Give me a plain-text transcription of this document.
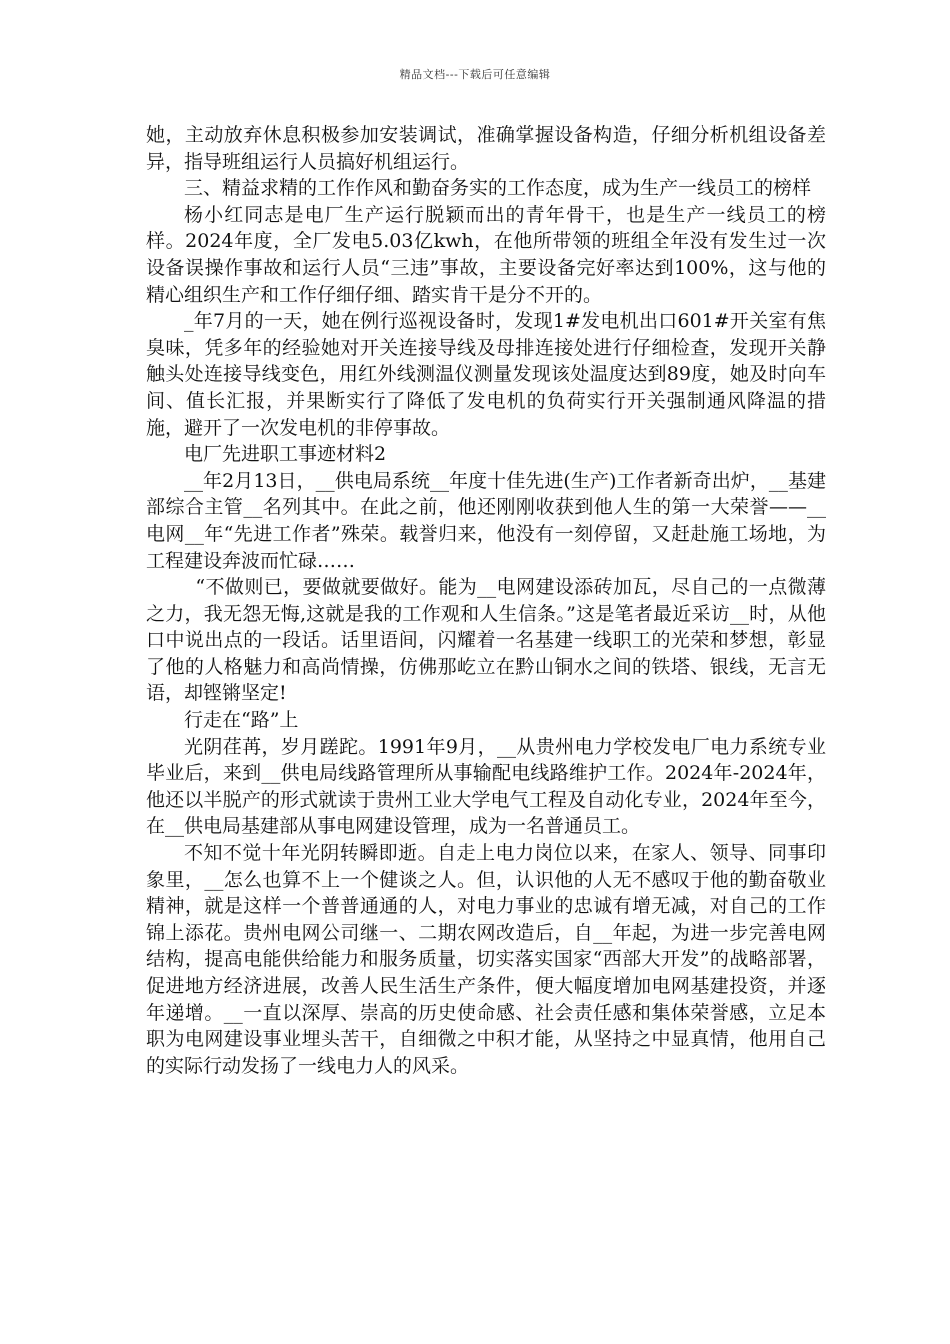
精品文档---下载后可任意编辑

她，主动放弃休息积极参加安装调试，准确掌握设备构造，仔细分析机组设备差异，指导班组运行人员搞好机组运行。

三、精益求精的工作作风和勤奋务实的工作态度，成为生产一线员工的榜样

杨小红同志是电厂生产运行脱颖而出的青年骨干，也是生产一线员工的榜样。2024年度，全厂发电5.03亿kwh，在他所带领的班组全年没有发生过一次设备误操作事故和运行人员“三违”事故，主要设备完好率达到100%，这与他的精心组织生产和工作仔细仔细、踏实肯干是分不开的。

_年7月的一天，她在例行巡视设备时，发现1#发电机出口601#开关室有焦臭味，凭多年的经验她对开关连接导线及母排连接处进行仔细检查，发现开关静触头处连接导线变色，用红外线测温仪测量发现该处温度达到89度，她及时向车间、值长汇报，并果断实行了降低了发电机的负荷实行开关强制通风降温的措施，避开了一次发电机的非停事故。

电厂先进职工事迹材料2

__年2月13日，__供电局系统__年度十佳先进(生产)工作者新奇出炉，__基建部综合主管__名列其中。在此之前，他还刚刚收获到他人生的第一大荣誉——__电网__年“先进工作者”殊荣。载誉归来，他没有一刻停留，又赶赴施工场地，为工程建设奔波而忙碌……

“不做则已，要做就要做好。能为__电网建设添砖加瓦，尽自己的一点微薄之力，我无怨无悔,这就是我的工作观和人生信条。”这是笔者最近采访__时，从他口中说出点的一段话。话里语间，闪耀着一名基建一线职工的光荣和梦想，彰显了他的人格魅力和高尚情操，仿佛那屹立在黔山铜水之间的铁塔、银线，无言无语，却铿锵坚定!

行走在“路”上

光阴荏苒，岁月蹉跎。1991年9月，__从贵州电力学校发电厂电力系统专业毕业后，来到__供电局线路管理所从事输配电线路维护工作。2024年-2024年，他还以半脱产的形式就读于贵州工业大学电气工程及自动化专业，2024年至今，在__供电局基建部从事电网建设管理，成为一名普通员工。

不知不觉十年光阴转瞬即逝。自走上电力岗位以来，在家人、领导、同事印象里，__怎么也算不上一个健谈之人。但，认识他的人无不感叹于他的勤奋敬业精神，就是这样一个普普通通的人，对电力事业的忠诚有增无减，对自己的工作锦上添花。贵州电网公司继一、二期农网改造后，自__年起，为进一步完善电网结构，提高电能供给能力和服务质量，切实落实国家“西部大开发”的战略部署，促进地方经济进展，改善人民生活生产条件，便大幅度增加电网基建投资，并逐年递增。__一直以深厚、崇高的历史使命感、社会责任感和集体荣誉感，立足本职为电网建设事业埋头苦干，自细微之中积才能，从坚持之中显真情，他用自己的实际行动发扬了一线电力人的风采。
